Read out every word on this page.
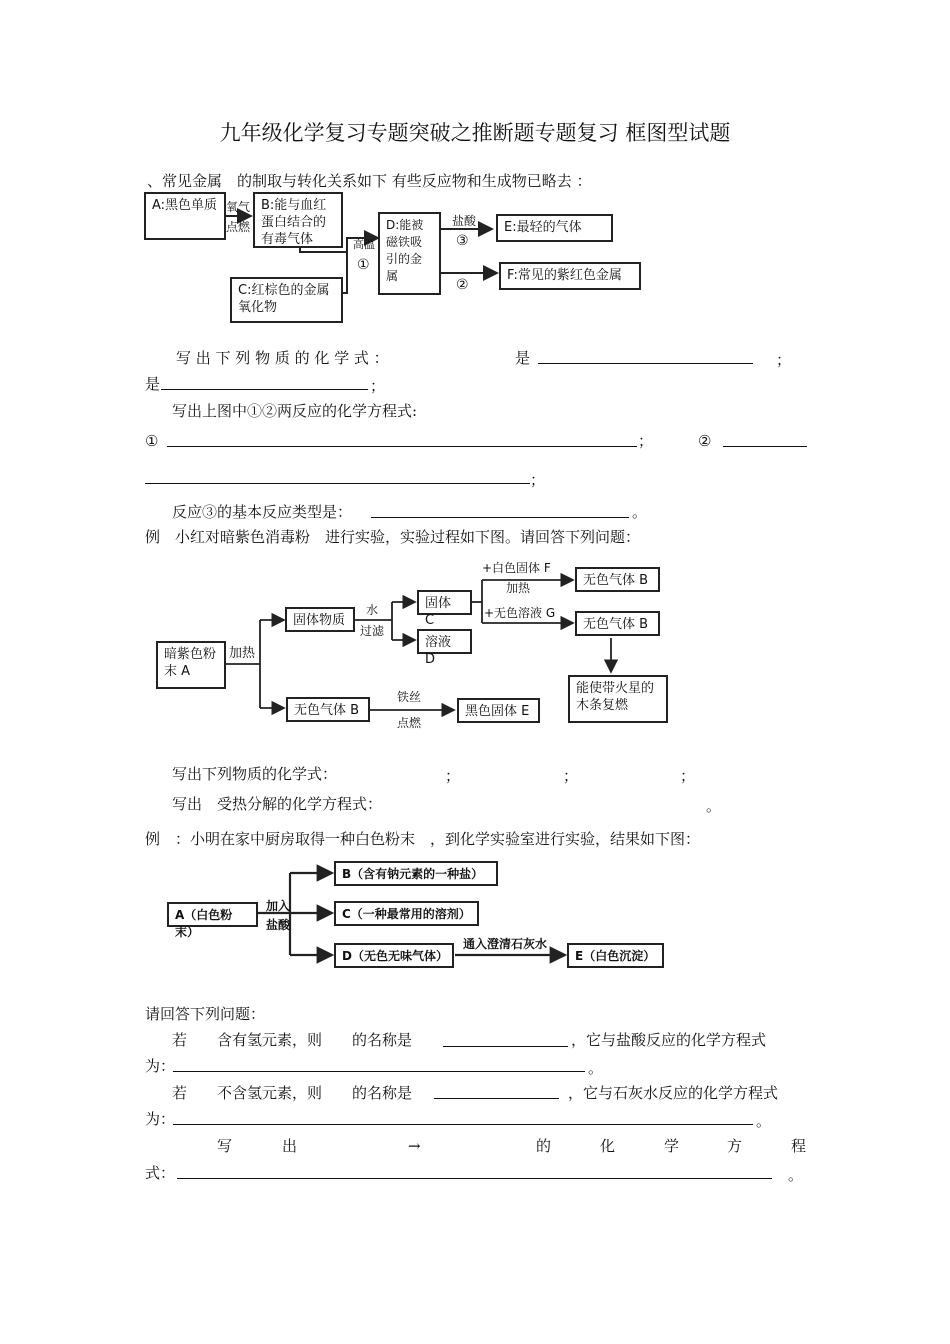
九年级化学复习专题突破之推断题专题复习 框图型试题
、常见金属　的制取与转化关系如下 有些反应物和生成物已略去 ：
A:黑色单质	B:能与血红蛋白结合的有毒气体
C:红棕色的金属氧化物
D:能被磁铁吸引的金属
E:最轻的气体
F:常见的紫红色金属
氧气
点燃
高温
①
盐酸
③
②
写 出 下 列 物 质 的 化 学 式 ：	是	；
是	；
写出上图中①②两反应的化学方程式:
①	；	②
；
反应③的基本反应类型是：	。
例　小红对暗紫色消毒粉　进行实验，实验过程如下图。请回答下列问题：
暗紫色粉末 A
固体物质
固体 C
溶液 D
无色气体 B
无色气体 B
能使带火星的木条复燃
无色气体 B	黑色固体 E
加热
水
过滤
+白色固体 F
加热
+无色溶液 G
铁丝
点燃
写出下列物质的化学式：	；	；	；
写出　受热分解的化学方程式：	。
例　：小明在家中厨房取得一种白色粉末　，到化学实验室进行实验，结果如下图：
A（白色粉末）
B（含有钠元素的一种盐）
C（一种最常用的溶剂）
D（无色无味气体）	E（白色沉淀）
加入
盐酸
通入澄清石灰水
请回答下列问题：
若　　含有氢元素，则　　的名称是	，它与盐酸反应的化学方程式
为：	。
若　　不含氢元素，则　　的名称是	，它与石灰水反应的化学方程式
为：	。
写	出	→	的	化	学	方	程
式：	。
